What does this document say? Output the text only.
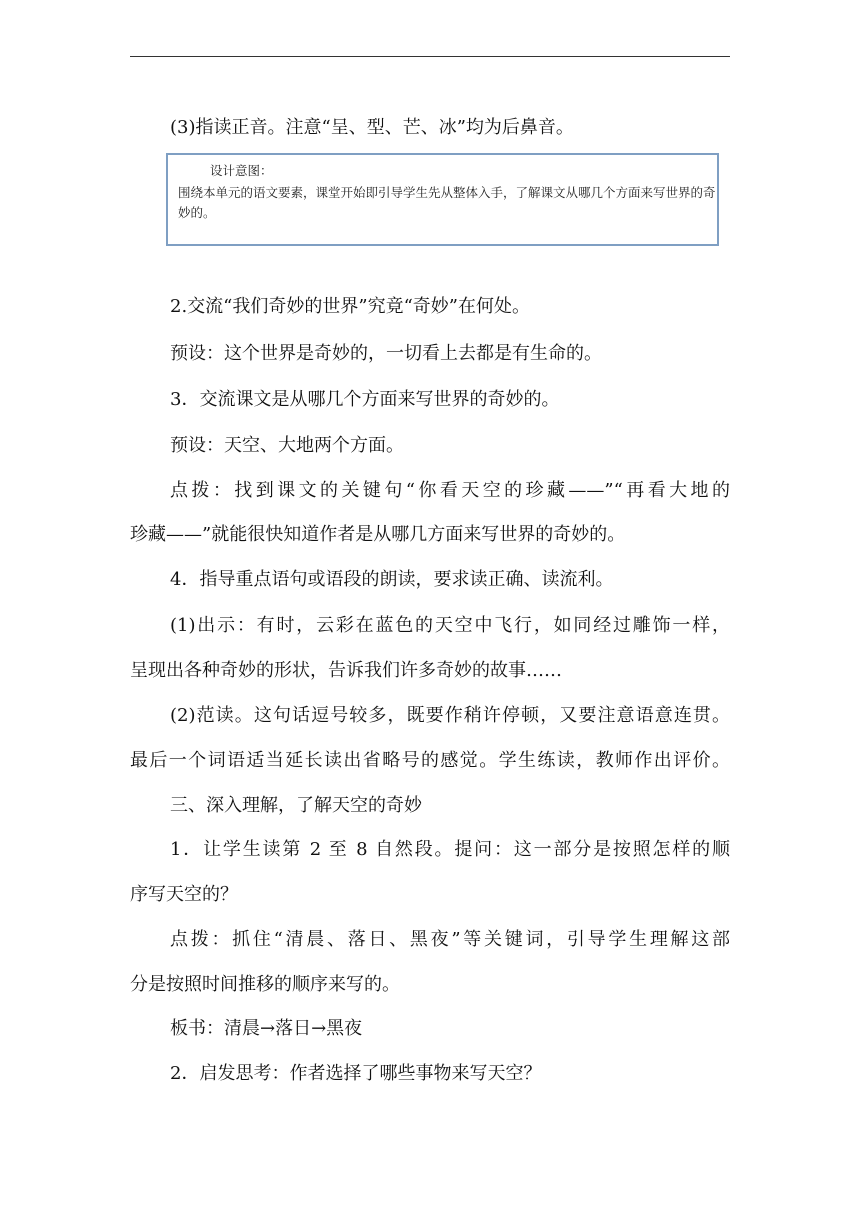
(3)指读正音。注意“呈、型、芒、冰”均为后鼻音。

设计意图：

围绕本单元的语文要素，课堂开始即引导学生先从整体入手，了解课文从哪几个方面来写世界的奇妙的。

2.交流“我们奇妙的世界”究竟“奇妙”在何处。

预设：这个世界是奇妙的，一切看上去都是有生命的。

3．交流课文是从哪几个方面来写世界的奇妙的。

预设：天空、大地两个方面。

点拨：找到课文的关键句“你看天空的珍藏——”“再看大地的

珍藏——”就能很快知道作者是从哪几方面来写世界的奇妙的。

4．指导重点语句或语段的朗读，要求读正确、读流利。

(1)出示：有时，云彩在蓝色的天空中飞行，如同经过雕饰一样，

呈现出各种奇妙的形状，告诉我们许多奇妙的故事……

(2)范读。这句话逗号较多，既要作稍许停顿，又要注意语意连贯。

最后一个词语适当延长读出省略号的感觉。学生练读，教师作出评价。

三、深入理解，了解天空的奇妙

1．让学生读第 2 至 8 自然段。提问：这一部分是按照怎样的顺

序写天空的？

点拨：抓住“清晨、落日、黑夜”等关键词，引导学生理解这部

分是按照时间推移的顺序来写的。

板书：清晨→落日→黑夜

2．启发思考：作者选择了哪些事物来写天空？
